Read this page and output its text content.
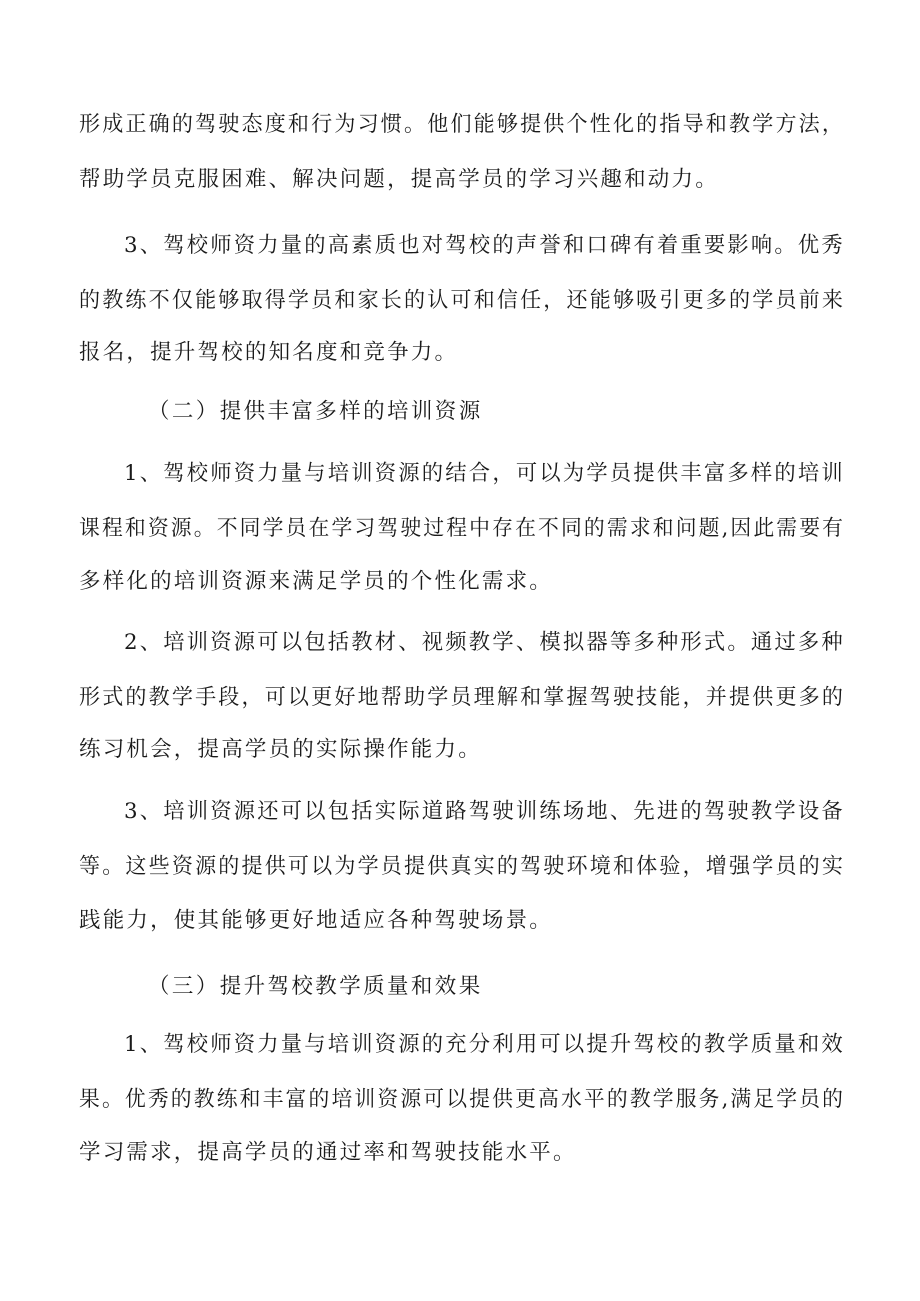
形成正确的驾驶态度和行为习惯。他们能够提供个性化的指导和教学方法，
帮助学员克服困难、解决问题，提高学员的学习兴趣和动力。
3、驾校师资力量的高素质也对驾校的声誉和口碑有着重要影响。优秀
的教练不仅能够取得学员和家长的认可和信任，还能够吸引更多的学员前来
报名，提升驾校的知名度和竞争力。
（二）提供丰富多样的培训资源
1、驾校师资力量与培训资源的结合，可以为学员提供丰富多样的培训
课程和资源。不同学员在学习驾驶过程中存在不同的需求和问题,因此需要有
多样化的培训资源来满足学员的个性化需求。
2、培训资源可以包括教材、视频教学、模拟器等多种形式。通过多种
形式的教学手段，可以更好地帮助学员理解和掌握驾驶技能，并提供更多的
练习机会，提高学员的实际操作能力。
3、培训资源还可以包括实际道路驾驶训练场地、先进的驾驶教学设备
等。这些资源的提供可以为学员提供真实的驾驶环境和体验，增强学员的实
践能力，使其能够更好地适应各种驾驶场景。
（三）提升驾校教学质量和效果
1、驾校师资力量与培训资源的充分利用可以提升驾校的教学质量和效
果。优秀的教练和丰富的培训资源可以提供更高水平的教学服务,满足学员的
学习需求，提高学员的通过率和驾驶技能水平。
